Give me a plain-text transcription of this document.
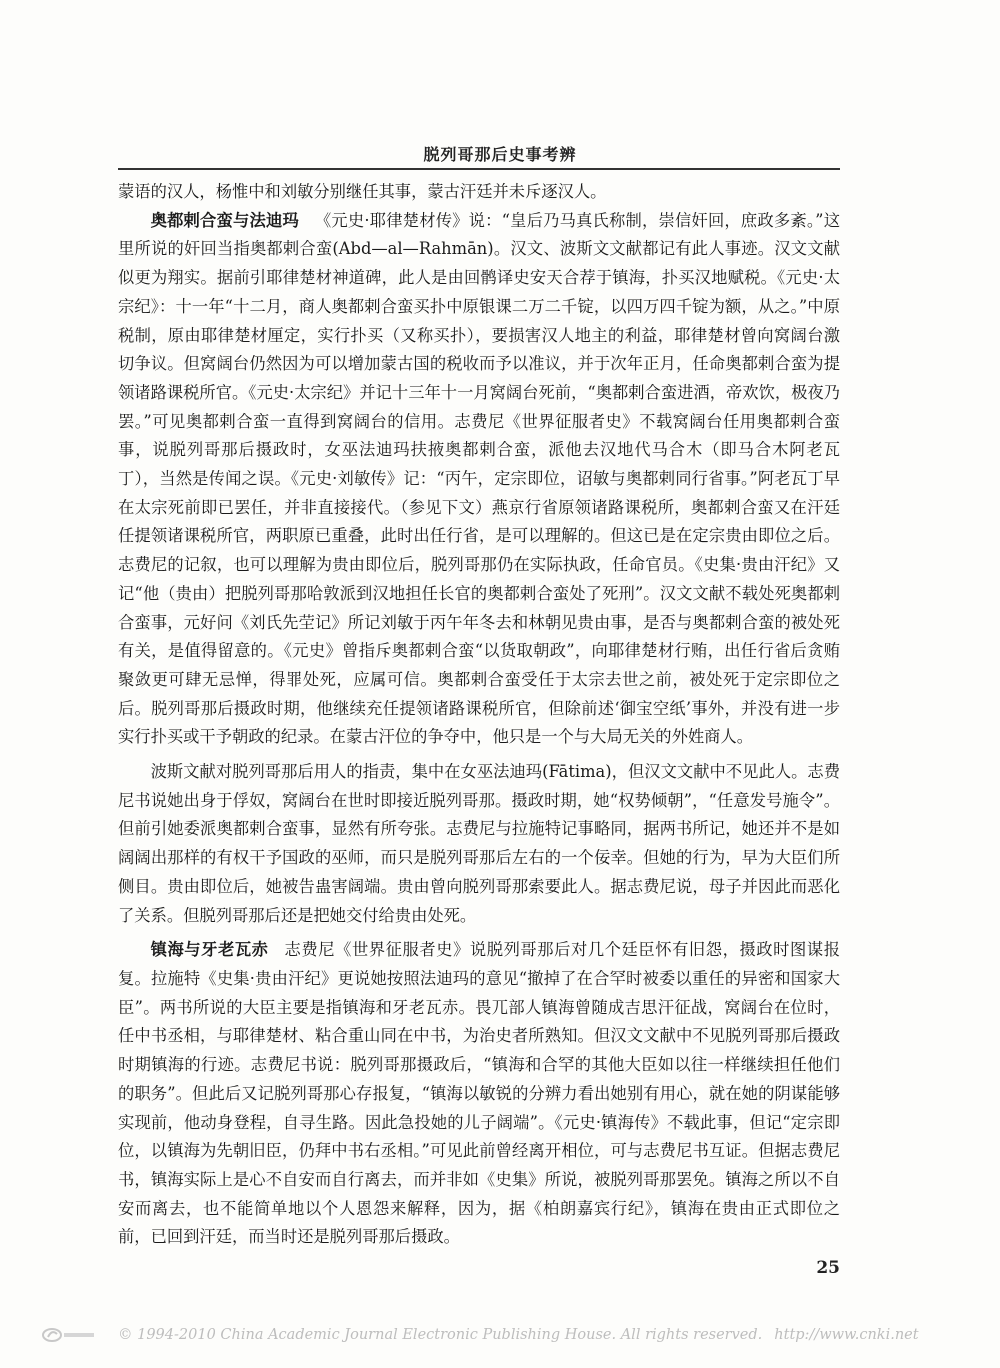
脱列哥那后史事考辨

蒙语的汉人，杨惟中和刘敏分别继任其事，蒙古汗廷并未斥逐汉人。

奥都剌合蛮与法迪玛 《元史·耶律楚材传》说：“皇后乃马真氏称制，崇信奸回，庶政多紊。”这里所说的奸回当指奥都剌合蛮(Abd—al—Rahmān)。汉文、波斯文文献都记有此人事迹。汉文文献似更为翔实。据前引耶律楚材神道碑，此人是由回鹘译史安天合荐于镇海，扑买汉地赋税。《元史·太宗纪》：十一年“十二月，商人奥都剌合蛮买扑中原银课二万二千锭，以四万四千锭为额，从之。”中原税制，原由耶律楚材厘定，实行扑买（又称买扑），要损害汉人地主的利益，耶律楚材曾向窝阔台激切争议。但窝阔台仍然因为可以增加蒙古国的税收而予以准议，并于次年正月，任命奥都剌合蛮为提领诸路课税所官。《元史·太宗纪》并记十三年十一月窝阔台死前，“奥都剌合蛮进酒，帝欢饮，极夜乃罢。”可见奥都剌合蛮一直得到窝阔台的信用。志费尼《世界征服者史》不载窝阔台任用奥都剌合蛮事，说脱列哥那后摄政时，女巫法迪玛扶掖奥都剌合蛮，派他去汉地代马合木（即马合木阿老瓦丁），当然是传闻之误。《元史·刘敏传》记：“丙午，定宗即位，诏敏与奥都剌同行省事。”阿老瓦丁早在太宗死前即已罢任，并非直接接代。（参见下文）燕京行省原领诸路课税所，奥都剌合蛮又在汗廷任提领诸课税所官，两职原已重叠，此时出任行省，是可以理解的。但这已是在定宗贵由即位之后。志费尼的记叙，也可以理解为贵由即位后，脱列哥那仍在实际执政，任命官员。《史集·贵由汗纪》又记“他（贵由）把脱列哥那哈敦派到汉地担任长官的奥都剌合蛮处了死刑”。汉文文献不载处死奥都剌合蛮事，元好问《刘氏先茔记》所记刘敏于丙午年冬去和林朝见贵由事，是否与奥都剌合蛮的被处死有关，是值得留意的。《元史》曾指斥奥都剌合蛮“以货取朝政”，向耶律楚材行贿，出任行省后贪贿聚敛更可肆无忌惮，得罪处死，应属可信。奥都剌合蛮受任于太宗去世之前，被处死于定宗即位之后。脱列哥那后摄政时期，他继续充任提领诸路课税所官，但除前述‘御宝空纸’事外，并没有进一步实行扑买或干予朝政的纪录。在蒙古汗位的争夺中，他只是一个与大局无关的外姓商人。

波斯文献对脱列哥那后用人的指责，集中在女巫法迪玛(Fātima)，但汉文文献中不见此人。志费尼书说她出身于俘奴，窝阔台在世时即接近脱列哥那。摄政时期，她“权势倾朝”，“任意发号施令”。但前引她委派奥都剌合蛮事，显然有所夸张。志费尼与拉施特记事略同，据两书所记，她还并不是如阔阔出那样的有权干予国政的巫师，而只是脱列哥那后左右的一个佞幸。但她的行为，早为大臣们所侧目。贵由即位后，她被告蛊害阔端。贵由曾向脱列哥那索要此人。据志费尼说，母子并因此而恶化了关系。但脱列哥那后还是把她交付给贵由处死。

镇海与牙老瓦赤 志费尼《世界征服者史》说脱列哥那后对几个廷臣怀有旧怨，摄政时图谋报复。拉施特《史集·贵由汗纪》更说她按照法迪玛的意见“撤掉了在合罕时被委以重任的异密和国家大臣”。两书所说的大臣主要是指镇海和牙老瓦赤。畏兀部人镇海曾随成吉思汗征战，窝阔台在位时，任中书丞相，与耶律楚材、粘合重山同在中书，为治史者所熟知。但汉文文献中不见脱列哥那后摄政时期镇海的行迹。志费尼书说：脱列哥那摄政后，“镇海和合罕的其他大臣如以往一样继续担任他们的职务”。但此后又记脱列哥那心存报复，“镇海以敏锐的分辨力看出她别有用心，就在她的阴谋能够实现前，他动身登程，自寻生路。因此急投她的儿子阔端”。《元史·镇海传》不载此事，但记“定宗即位，以镇海为先朝旧臣，仍拜中书右丞相。”可见此前曾经离开相位，可与志费尼书互证。但据志费尼书，镇海实际上是心不自安而自行离去，而并非如《史集》所说，被脱列哥那罢免。镇海之所以不自安而离去，也不能简单地以个人恩怨来解释，因为，据《柏朗嘉宾行纪》，镇海在贵由正式即位之前，已回到汗廷，而当时还是脱列哥那后摄政。

25
© 1994-2010 China Academic Journal Electronic Publishing House. All rights reserved. http://www.cnki.net
